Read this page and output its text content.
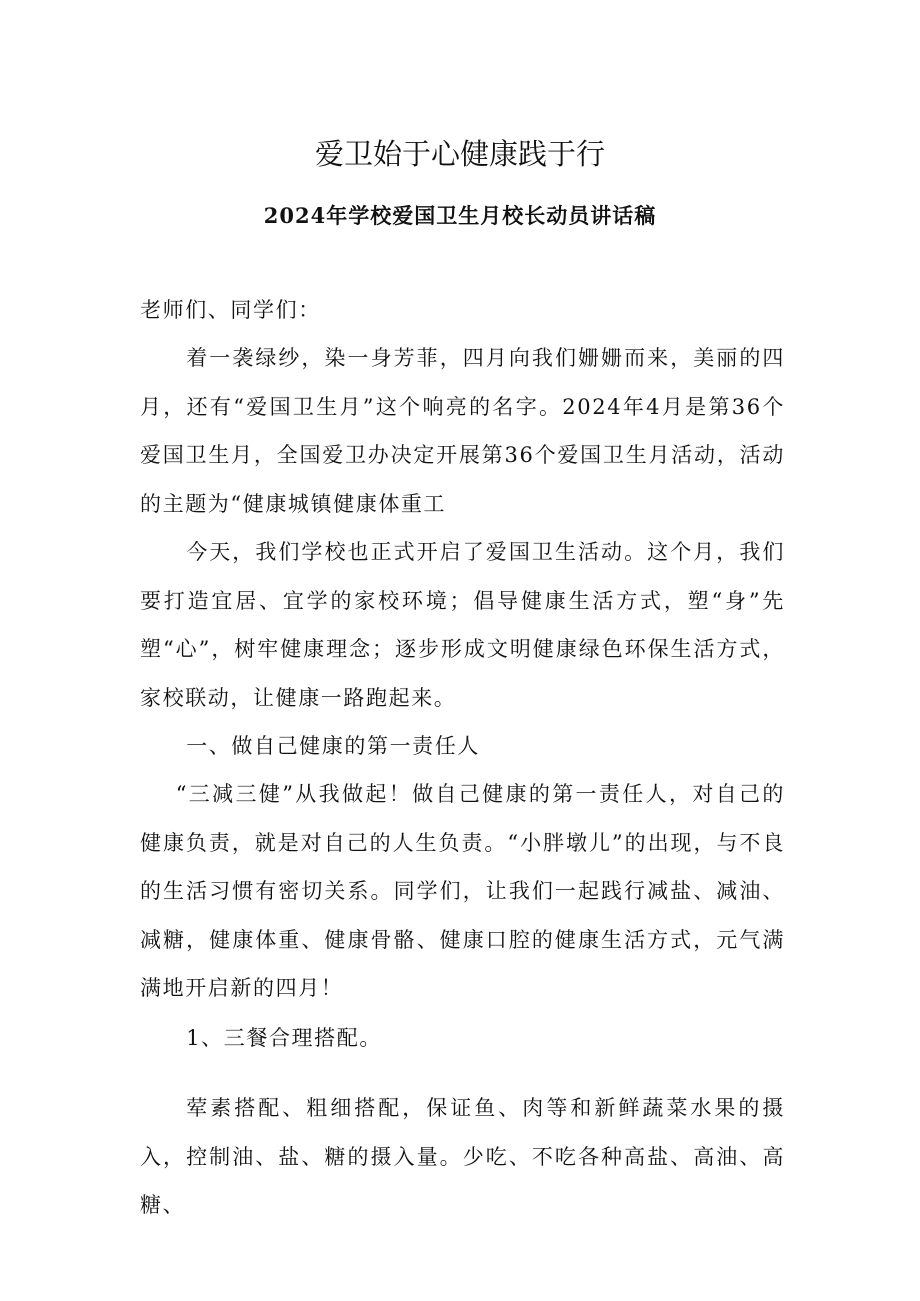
爱卫始于心健康践于行
2024年学校爱国卫生月校长动员讲话稿

老师们、同学们：

着一袭绿纱，染一身芳菲，四月向我们姗姗而来，美丽的四月，还有“爱国卫生月”这个响亮的名字。2024年4月是第36个爱国卫生月，全国爱卫办决定开展第36个爱国卫生月活动，活动的主题为“健康城镇健康体重工

今天，我们学校也正式开启了爱国卫生活动。这个月，我们要打造宜居、宜学的家校环境；倡导健康生活方式，塑“身”先塑“心”，树牢健康理念；逐步形成文明健康绿色环保生活方式，家校联动，让健康一路跑起来。

一、做自己健康的第一责任人

“三减三健”从我做起！做自己健康的第一责任人，对自己的健康负责，就是对自己的人生负责。“小胖墩儿”的出现，与不良的生活习惯有密切关系。同学们，让我们一起践行减盐、减油、减糖，健康体重、健康骨骼、健康口腔的健康生活方式，元气满满地开启新的四月！

1、三餐合理搭配。

荤素搭配、粗细搭配，保证鱼、肉等和新鲜蔬菜水果的摄入，控制油、盐、糖的摄入量。少吃、不吃各种高盐、高油、高糖、
